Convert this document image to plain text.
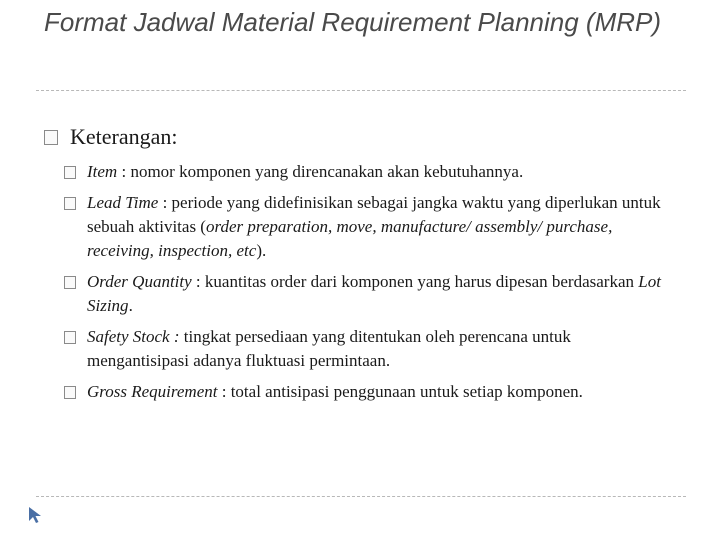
Format Jadwal Material Requirement Planning (MRP)
Keterangan:
Item : nomor komponen yang direncanakan akan kebutuhannya.
Lead Time : periode yang didefinisikan sebagai jangka waktu yang diperlukan untuk sebuah aktivitas (order preparation, move, manufacture/ assembly/ purchase, receiving, inspection, etc).
Order Quantity : kuantitas order dari komponen yang harus dipesan berdasarkan Lot Sizing.
Safety Stock : tingkat persediaan yang ditentukan oleh perencana untuk mengantisipasi adanya fluktuasi permintaan.
Gross Requirement : total antisipasi penggunaan untuk setiap komponen.
